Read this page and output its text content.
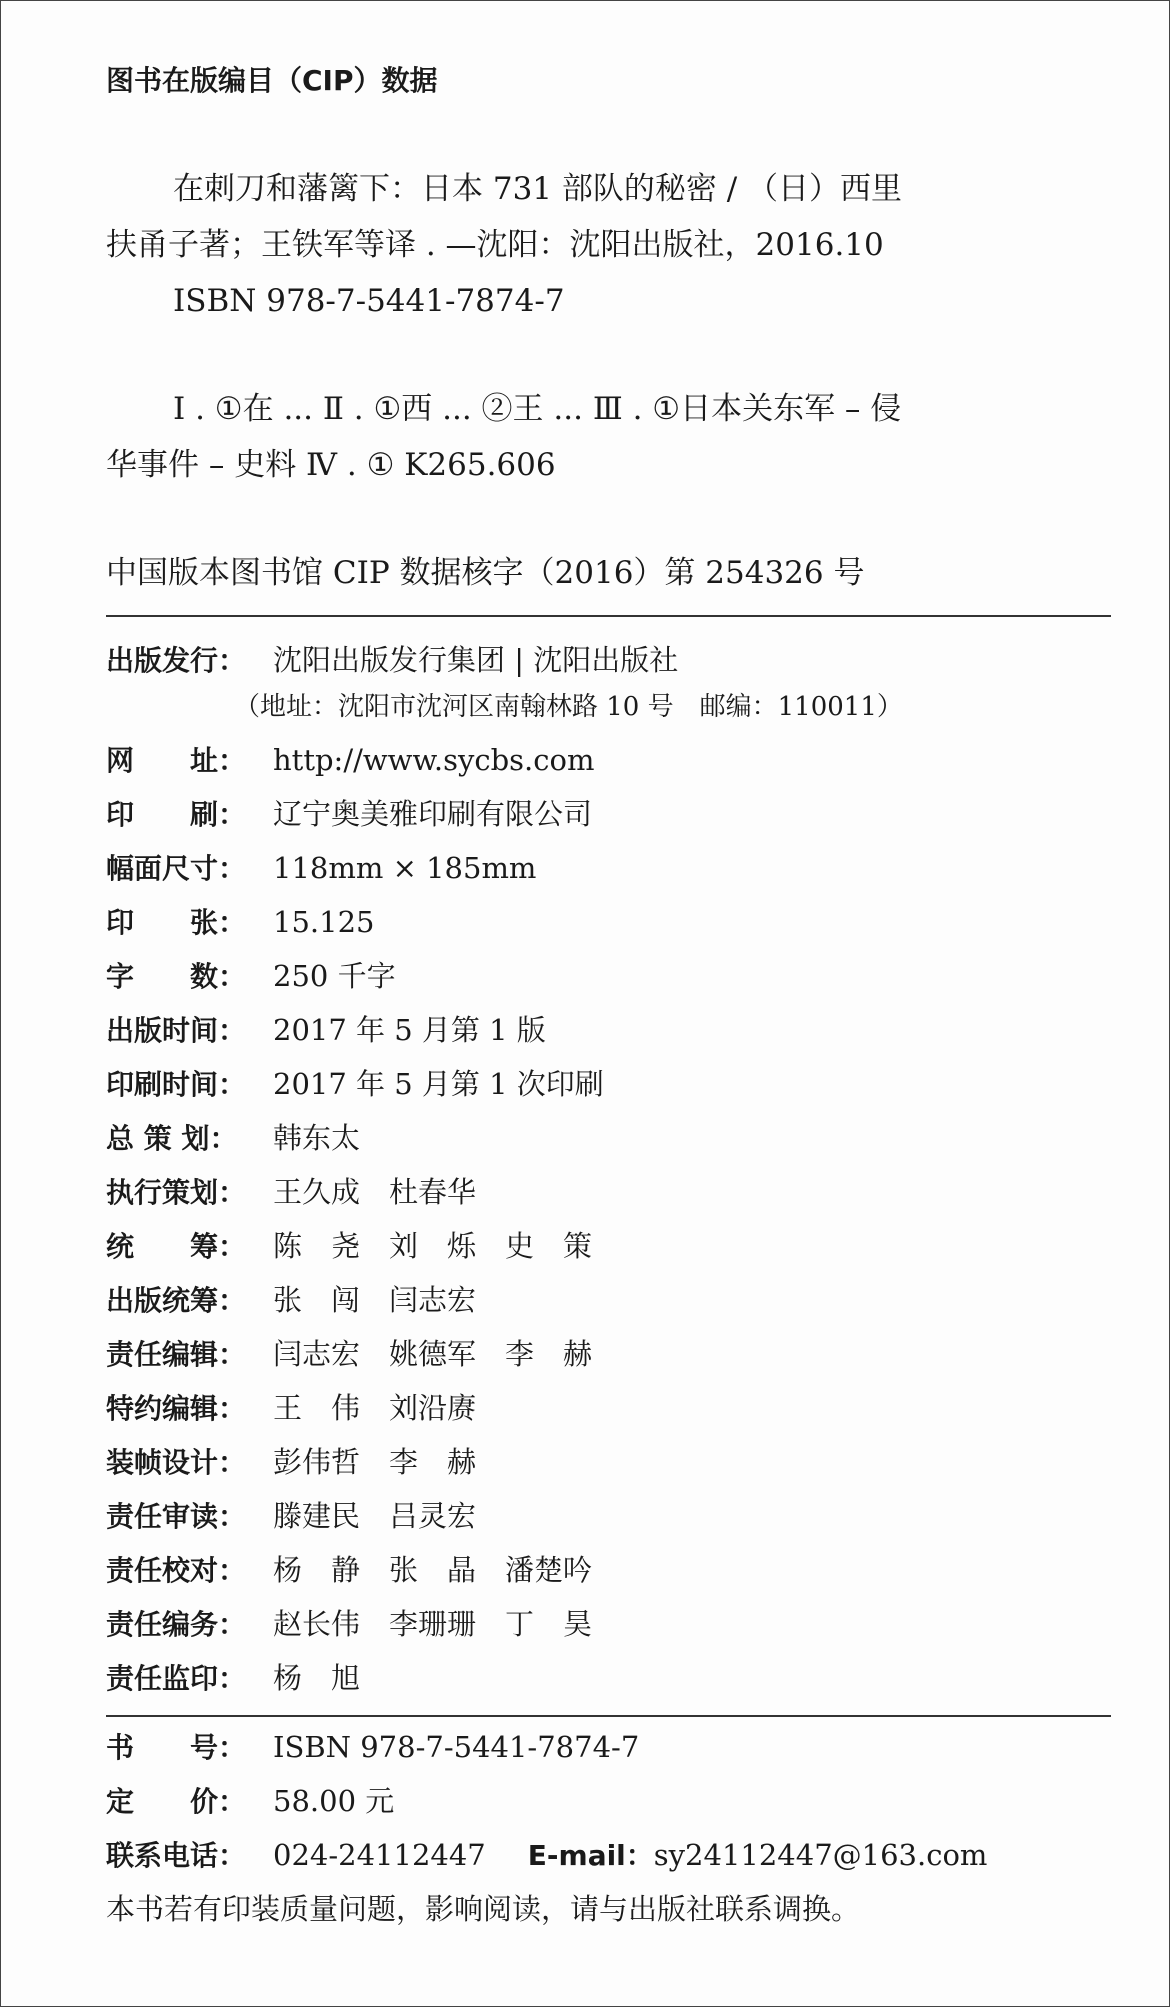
图书在版编目（CIP）数据
在刺刀和藩篱下：日本 731 部队的秘密 / （日）西里
扶甬子著；王铁军等译 . —沈阳：沈阳出版社，2016.10
ISBN 978-7-5441-7874-7
Ⅰ . ①在 ... Ⅱ . ①西 ... ②王 ... Ⅲ . ①日本关东军 – 侵
华事件 – 史料 Ⅳ . ① K265.606
中国版本图书馆 CIP 数据核字（2016）第 254326 号
出版发行： 沈阳出版发行集团 | 沈阳出版社
（地址：沈阳市沈河区南翰林路 10 号　邮编：110011）
网　　址： http://www.sycbs.com
印　　刷： 辽宁奥美雅印刷有限公司
幅面尺寸： 118mm × 185mm
印　　张： 15.125
字　　数： 250 千字
出版时间： 2017 年 5 月第 1 版
印刷时间： 2017 年 5 月第 1 次印刷
总 策 划：	韩东太
执行策划： 王久成　杜春华
统　　筹： 陈　尧　刘　烁　史　策
出版统筹： 张　闯　闫志宏
责任编辑： 闫志宏　姚德军　李　赫
特约编辑： 王　伟　刘沿赓
装帧设计： 彭伟哲　李　赫
责任审读： 滕建民　吕灵宏
责任校对： 杨　静　张　晶　潘楚吟
责任编务： 赵长伟　李珊珊　丁　昊
责任监印： 杨　旭
书　　号： ISBN 978-7-5441-7874-7
定　　价： 58.00 元
联系电话： 024-24112447 E-mail： sy24112447@163.com
本书若有印装质量问题，影响阅读，请与出版社联系调换。
